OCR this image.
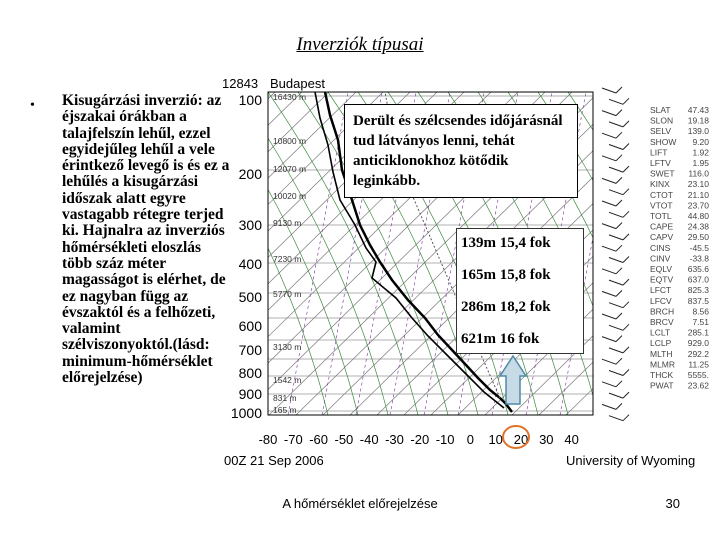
Inverziók típusai
• Kisugárzási inverzió: az éjszakai órákban a talajfelszín lehűl, ezzel egyidejűleg lehűl a vele érintkező levegő is és ez a lehűlés a kisugárzási időszak alatt egyre vastagabb rétegre terjed ki. Hajnalra az inverziós hőmérsékleti eloszlás több száz méter magasságot is elérhet, de ez nagyban függ az évszaktól és a felhőzeti, valamint szélviszonyoktól.(lásd: minimum-hőmérséklet előrejelzése)
12843 Budapest
100
200
300
400
500
600
700
800
900
1000
16430 m
10800 m
12070 m
10020 m
9130 m
7230 m
5770 m
3130 m
1542 m
831 m
165 m
-80 -70 -60 -50 -40 -30 -20 -10 0 10 20 30 40
00Z 21 Sep 2006	University of Wyoming
SLAT 47.43
SLON 19.18
SELV 139.0
SHOW 9.20
LIFT	1.92
LFTV	1.95
SWET 116.0
KINX 23.10
CTOT 21.10
VTOT 23.70
TOTL 44.80
CAPE 24.38
CAPV 29.50
CINS -45.5
CINV -33.8
EQLV 635.6
EQTV 637.0
LFCT 825.3
LFCV 837.5
BRCH 8.56
BRCV 7.51
LCLT 285.1
LCLP 929.0
MLTH 292.2
MLMR 11.25
THCK 5555.
PWAT 23.62
Derült és szélcsendes időjárásnál tud látványos lenni, tehát anticiklonokhoz kötődik leginkább.
139m 15,4 fok
165m 15,8 fok
286m 18,2 fok
621m 16 fok
A hőmérséklet előrejelzése	30
